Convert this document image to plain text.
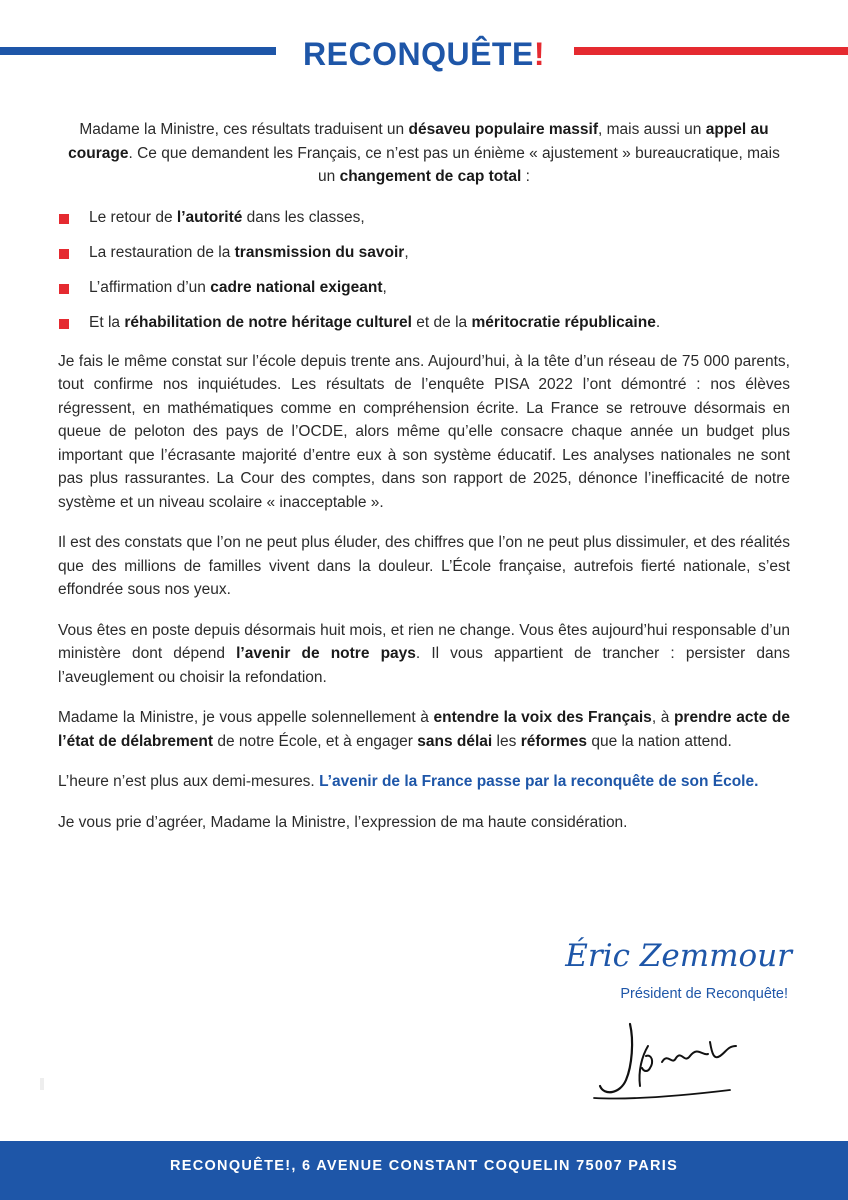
RECONQUÊTE!

Madame la Ministre, ces résultats traduisent un désaveu populaire massif, mais aussi un appel au courage. Ce que demandent les Français, ce n’est pas un énième « ajustement » bureaucratique, mais un changement de cap total :

Le retour de l’autorité dans les classes,
La restauration de la transmission du savoir,
L’affirmation d’un cadre national exigeant,
Et la réhabilitation de notre héritage culturel et de la méritocratie républicaine.

Je fais le même constat sur l’école depuis trente ans. Aujourd’hui, à la tête d’un réseau de 75 000 parents, tout confirme nos inquiétudes. Les résultats de l’enquête PISA 2022 l’ont démontré : nos élèves régressent, en mathématiques comme en compréhension écrite. La France se retrouve désormais en queue de peloton des pays de l’OCDE, alors même qu’elle consacre chaque année un budget plus important que l’écrasante majorité d’entre eux à son système éducatif. Les analyses nationales ne sont pas plus rassurantes. La Cour des comptes, dans son rapport de 2025, dénonce l’inefficacité de notre système et un niveau scolaire « inacceptable ».

Il est des constats que l’on ne peut plus éluder, des chiffres que l’on ne peut plus dissimuler, et des réalités que des millions de familles vivent dans la douleur. L’École française, autrefois fierté nationale, s’est effondrée sous nos yeux.

Vous êtes en poste depuis désormais huit mois, et rien ne change. Vous êtes aujourd’hui responsable d’un ministère dont dépend l’avenir de notre pays. Il vous appartient de trancher : persister dans l’aveuglement ou choisir la refondation.

Madame la Ministre, je vous appelle solennellement à entendre la voix des Français, à prendre acte de l’état de délabrement de notre École, et à engager sans délai les réformes que la nation attend.

L’heure n’est plus aux demi-mesures. L’avenir de la France passe par la reconquête de son École.

Je vous prie d’agréer, Madame la Ministre, l’expression de ma haute considération.

Éric Zemmour
Président de Reconquête!
RECONQUÊTE!, 6 AVENUE CONSTANT COQUELIN 75007 PARIS
